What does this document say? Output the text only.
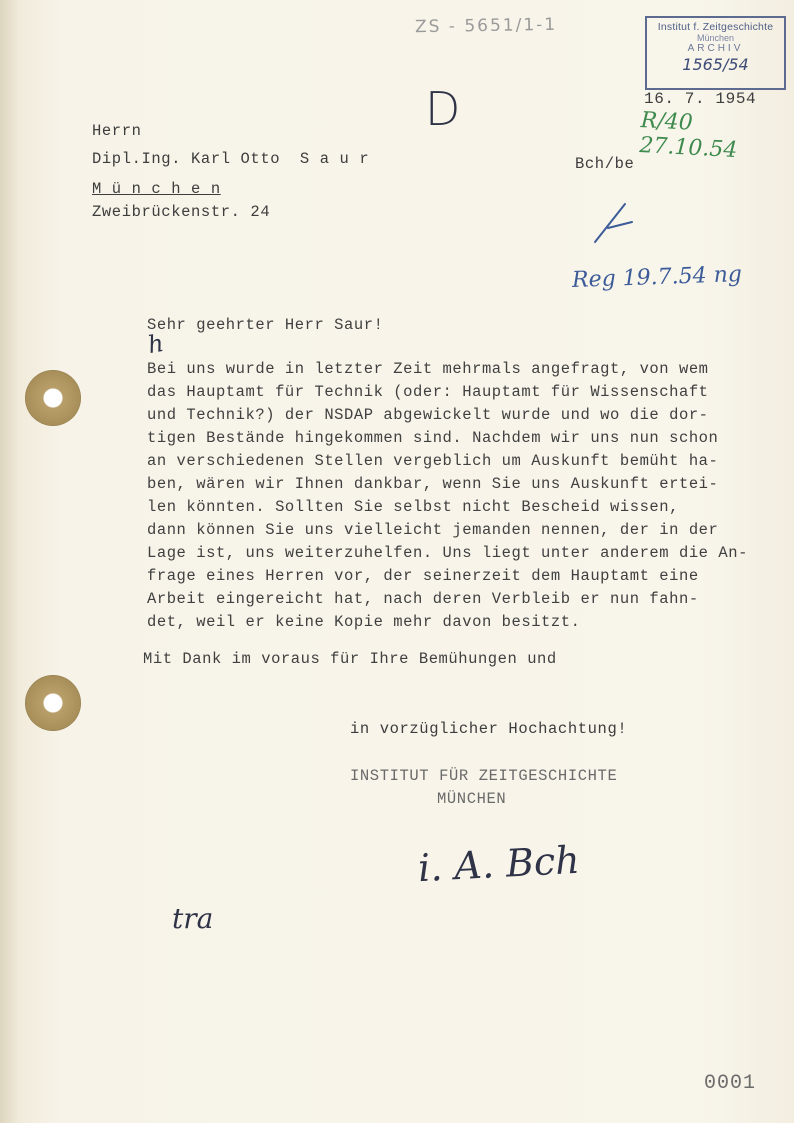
ZS - 5651/1-1	Institut f. Zeitgeschichte
München
ARCHIV
1565/54
D	16. 7. 1954
R/40 27.10.54
Herrn
Dipl.Ing. Karl Otto  S a u r	Bch/be
M ü n c h e n
Zweibrückenstr. 24
Reg 19.7.54 ng
h
Sehr geehrter Herr Saur!
Bei uns wurde in letzter Zeit mehrmals angefragt, von wem
das Hauptamt für Technik (oder: Hauptamt für Wissenschaft
und Technik?) der NSDAP abgewickelt wurde und wo die dor-
tigen Bestände hingekommen sind. Nachdem wir uns nun schon
an verschiedenen Stellen vergeblich um Auskunft bemüht ha-
ben, wären wir Ihnen dankbar, wenn Sie uns Auskunft ertei-
len könnten. Sollten Sie selbst nicht Bescheid wissen,
dann können Sie uns vielleicht jemanden nennen, der in der
Lage ist, uns weiterzuhelfen. Uns liegt unter anderem die An-
frage eines Herren vor, der seinerzeit dem Hauptamt eine
Arbeit eingereicht hat, nach deren Verbleib er nun fahn-
det, weil er keine Kopie mehr davon besitzt.
Mit Dank im voraus für Ihre Bemühungen und
in vorzüglicher Hochachtung!
INSTITUT FÜR ZEITGESCHICHTE
MÜNCHEN
i. A. Bch
tra
0001
